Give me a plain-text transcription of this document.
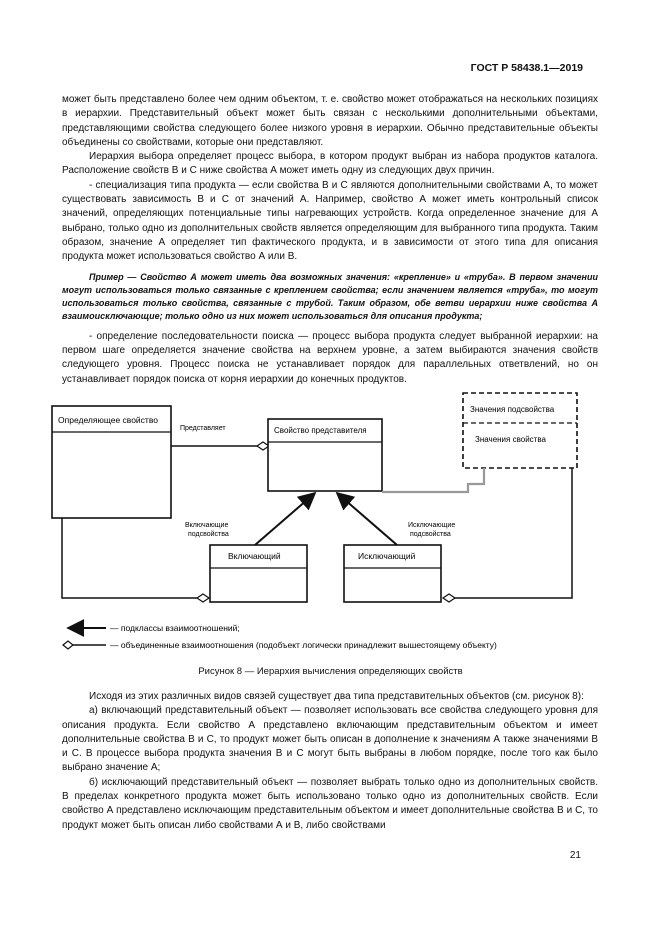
ГОСТ Р 58438.1—2019

может быть представлено более чем одним объектом, т. е. свойство может отображаться на нескольких позициях в иерархии. Представительный объект может быть связан с несколькими дополнительными объектами, представляющими свойства следующего более низкого уровня в иерархии. Обычно представительные объекты объединены со свойствами, которые они представляют.

Иерархия выбора определяет процесс выбора, в котором продукт выбран из набора продуктов каталога. Расположение свойств В и С ниже свойства А может иметь одну из следующих двух причин.

- специализация типа продукта — если свойства В и С являются дополнительными свойствами А, то может существовать зависимость В и С от значений А. Например, свойство А может иметь контрольный список значений, определяющих потенциальные типы нагревающих устройств. Когда определенное значение для А выбрано, только одно из дополнительных свойств является определяющим для выбранного типа продукта. Таким образом, значение А определяет тип фактического продукта, и в зависимости от этого типа для описания продукта может использоваться свойство А или В.

Пример — Свойство А может иметь два возможных значения: «крепление» и «труба». В первом значении могут использоваться только связанные с креплением свойства; если значением является «труба», то могут использоваться только свойства, связанные с трубой. Таким образом, обе ветви иерархии ниже свойства А взаимоисключающие; только одно из них может использоваться для описания продукта;

- определение последовательности поиска — процесс выбора продукта следует выбранной иерархии: на первом шаге определяется значение свойства на верхнем уровне, а затем выбираются значения свойств следующего уровня. Процесс поиска не устанавливает порядок для параллельных ответвлений, но он устанавливает порядок поиска от корня иерархии до конечных продуктов.

Определяющее свойство
Представляет	Свойство представителя
Значения подсвойства
Значения свойства
Включающий	Исключающий
Включающие
подсвойства
Исключающие
подсвойства
— подклассы взаимоотношений;
— объединенные взаимоотношения (подобъект логически принадлежит вышестоящему объекту)
Рисунок 8 — Иерархия вычисления определяющих свойств

Исходя из этих различных видов связей существует два типа представительных объектов (см. рисунок 8):

а) включающий представительный объект — позволяет использовать все свойства следующего уровня для описания продукта. Если свойство А представлено включающим представительным объектом и имеет дополнительные свойства В и С, то продукт может быть описан в дополнение к значениям А также значениями В и С. В процессе выбора продукта значения В и С могут быть выбраны в любом порядке, после того как было выбрано значение А;

б) исключающий представительный объект — позволяет выбрать только одно из дополнительных свойств. В пределах конкретного продукта может быть использовано только одно из дополнительных свойств. Если свойство А представлено исключающим представительным объектом и имеет дополнительные свойства В и С, то продукт может быть описан либо свойствами А и В, либо свойствами

21
